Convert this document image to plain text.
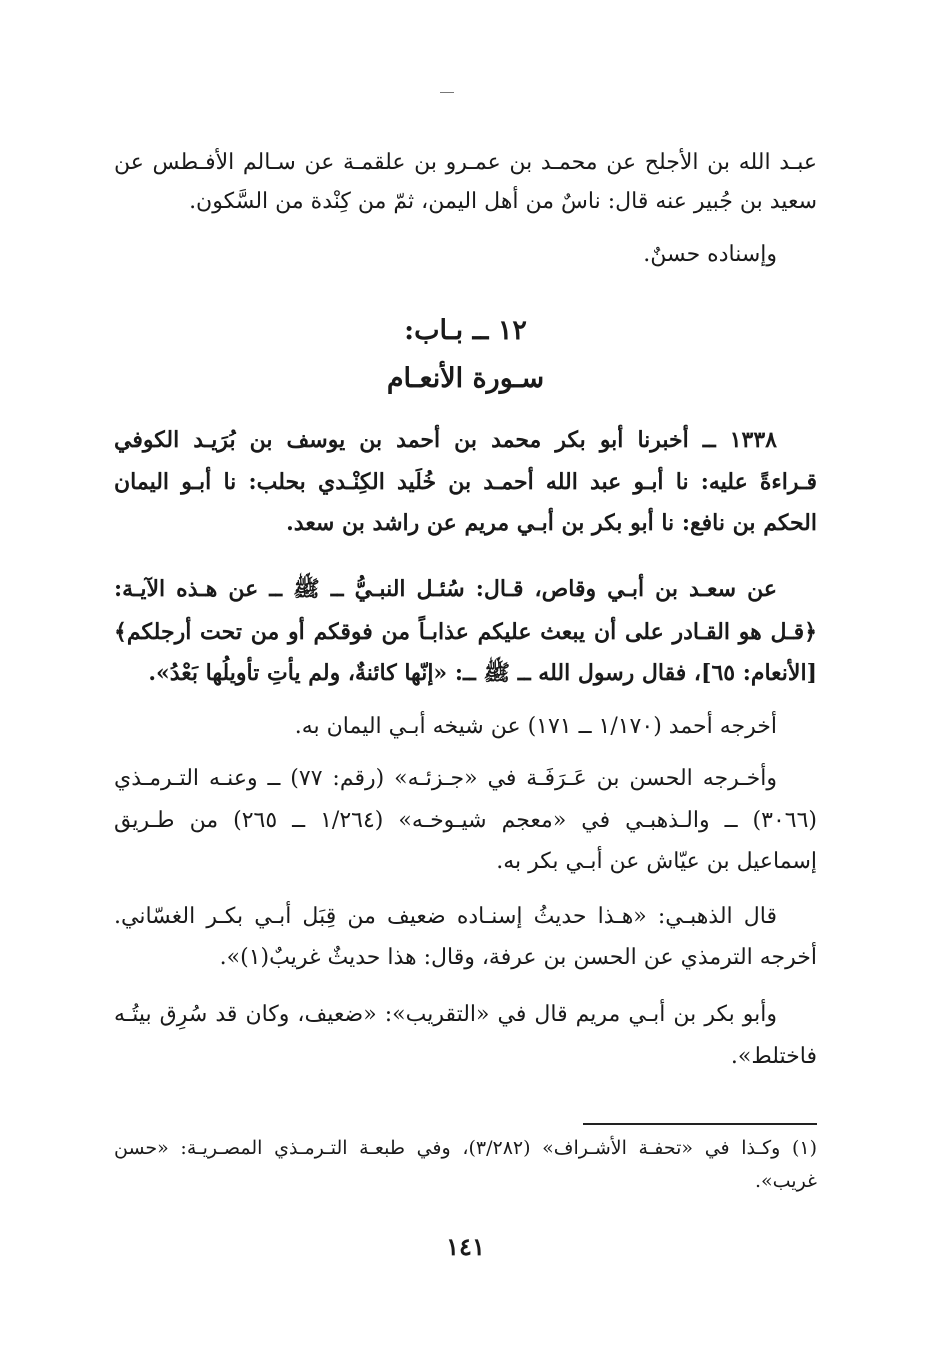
عبـد الله بن الأجلح عن محمـد بن عمـرو بن علقمـة عن سـالم الأفـطس عن
سعيد بن جُبير عنه قال: ناسٌ من أهل اليمن، ثمّ من كِنْدة من السَّكون.
وإسناده حسنٌ.
١٢ ــ بـاب:
سـورة الأنعـام
١٣٣٨ ــ أخبرنا أبو بكر محمد بن أحمد بن يوسف بن بُرَيـد الكوفي
قـراءةً عليه: نا أبـو عبد الله أحمـد بن خُلَيد الكِنْـدي بحلب: نا أبـو اليمان
الحكم بن نافع: نا أبو بكر بن أبـي مريم عن راشد بن سعد.
عن سعـد بن أبـي وقاص، قـال: سُئـل النبـيُّ ــ ﷺ ــ عن هـذه الآيـة:
﴿قـل هو القـادر على أن يبعث عليكم عذابـاً من فوقكم أو من تحت أرجلكم﴾
[الأنعام: ٦٥]، فقال رسول الله ــ ﷺ ــ: «إنّها كائنةٌ، ولم يأتِ تأويلُها بَعْدُ».
أخرجه أحمد (١/١٧٠ ــ ١٧١) عن شيخه أبـي اليمان به.
وأخـرجه الحسن بن عَـرَفَـة في «جـزئـه» (رقم: ٧٧) ــ وعنـه التـرمـذي
(٣٠٦٦) ــ والـذهبـي في «معجم شيـوخـه» (١/٢٦٤ ــ ٢٦٥) من طـريق
إسماعيل بن عيّاش عن أبـي بكر به.
قال الذهبـي: «هـذا حديثُ إسنـاده ضعيف من قِبَل أبـي بكـر الغسّاني.
أخرجه الترمذي عن الحسن بن عرفة، وقال: هذا حديثٌ غريبٌ(١)».
وأبو بكر بن أبـي مريم قال في «التقريب»: «ضعيف، وكان قد سُرِق بيتُـه
فاختلط».
(١) وكـذا في «تحفـة الأشـراف» (٣/٢٨٢)، وفي طبعـة التـرمـذي المصـريـة: «حسن
غريب».
١٤١
